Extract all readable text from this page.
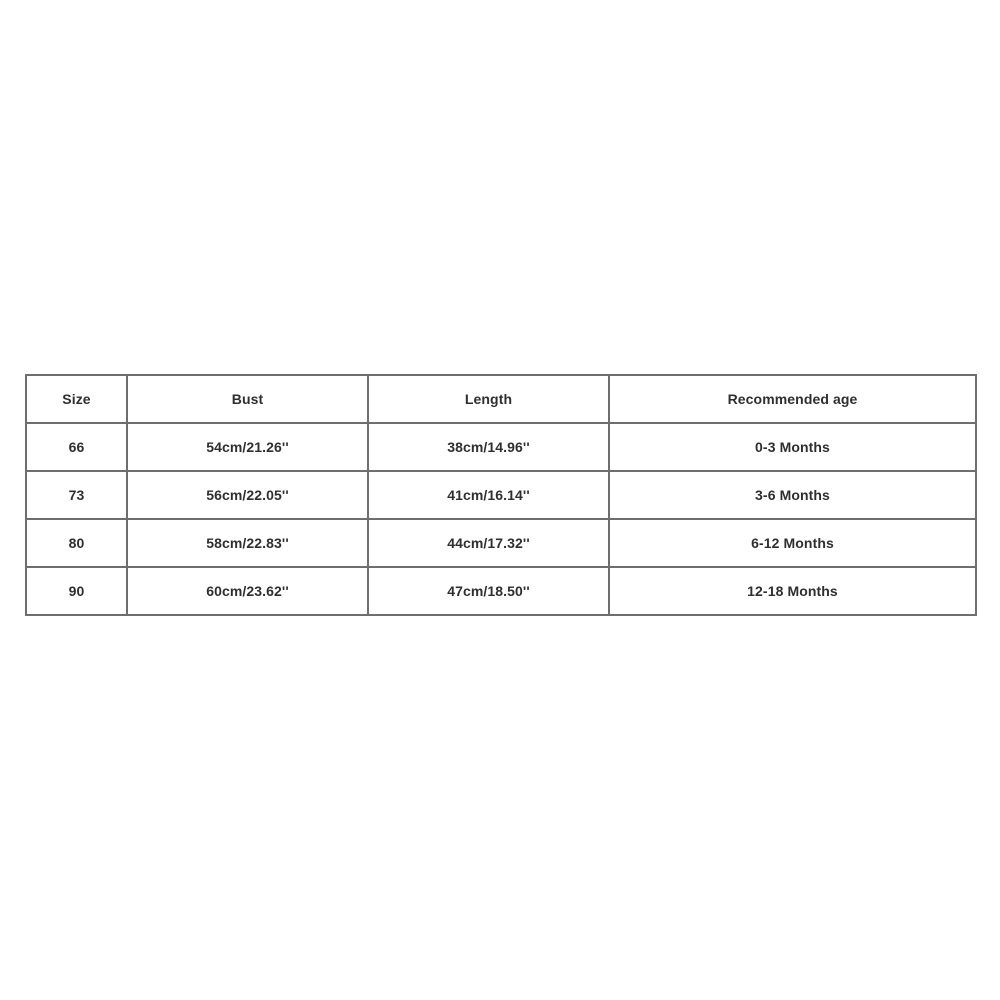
Size	Bust	Length	Recommended age
66	54cm/21.26''	38cm/14.96''	0-3 Months
73	56cm/22.05''	41cm/16.14''	3-6 Months
80	58cm/22.83''	44cm/17.32''	6-12 Months
90	60cm/23.62''	47cm/18.50''	12-18 Months
